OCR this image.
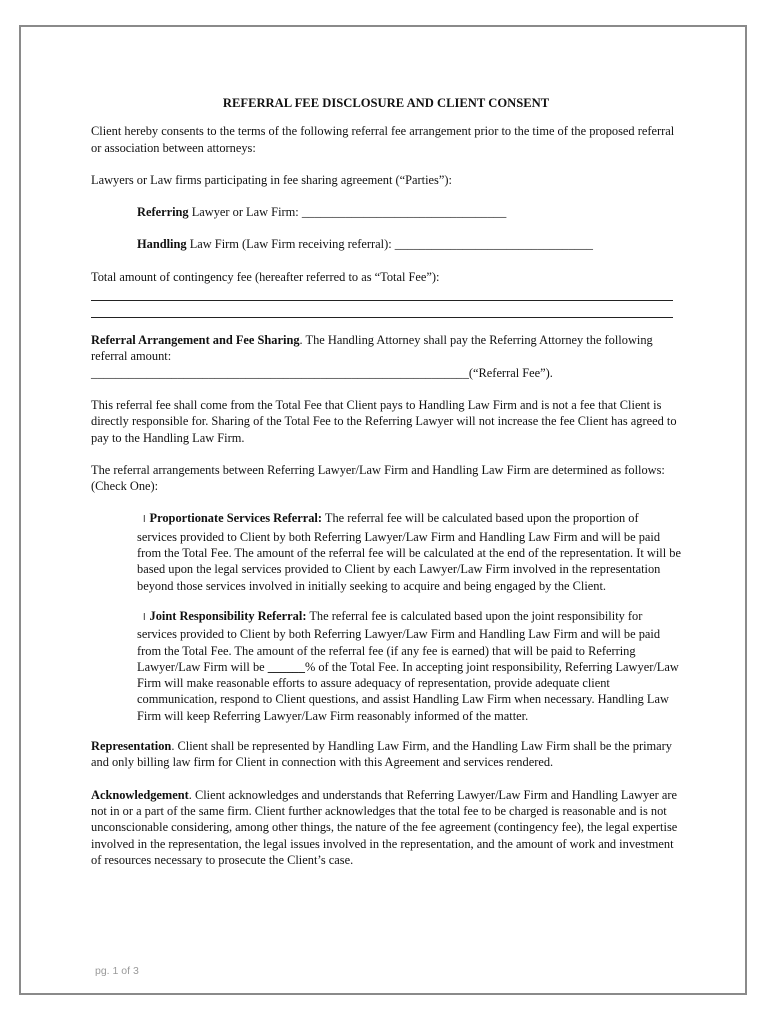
REFERRAL FEE DISCLOSURE AND CLIENT CONSENT

Client hereby consents to the terms of the following referral fee arrangement prior to the time of the proposed referral or association between attorneys:

Lawyers or Law firms participating in fee sharing agreement (“Parties”):

Referring Lawyer or Law Firm: _________________________________

Handling Law Firm (Law Firm receiving referral): ________________________________

Total amount of contingency fee (hereafter referred to as “Total Fee”):

Referral Arrangement and Fee Sharing. The Handling Attorney shall pay the Referring Attorney the following referral amount:
_____________________________________________________________(“Referral Fee”).

This referral fee shall come from the Total Fee that Client pays to Handling Law Firm and is not a fee that Client is directly responsible for. Sharing of the Total Fee to the Referring Lawyer will not increase the fee Client has agreed to pay to the Handling Law Firm.

The referral arrangements between Referring Lawyer/Law Firm and Handling Law Firm are determined as follows: (Check One):

l Proportionate Services Referral: The referral fee will be calculated based upon the proportion of services provided to Client by both Referring Lawyer/Law Firm and Handling Law Firm and will be paid from the Total Fee. The amount of the referral fee will be calculated at the end of the representation. It will be based upon the legal services provided to Client by each Lawyer/Law Firm involved in the representation beyond those services involved in initially seeking to acquire and being engaged by the Client.
l Joint Responsibility Referral: The referral fee is calculated based upon the joint responsibility for services provided to Client by both Referring Lawyer/Law Firm and Handling Law Firm and will be paid from the Total Fee. The amount of the referral fee (if any fee is earned) that will be paid to Referring Lawyer/Law Firm will be ______% of the Total Fee. In accepting joint responsibility, Referring Lawyer/Law Firm will make reasonable efforts to assure adequacy of representation, provide adequate client communication, respond to Client questions, and assist Handling Law Firm when necessary. Handling Law Firm will keep Referring Lawyer/Law Firm reasonably informed of the matter.

Representation. Client shall be represented by Handling Law Firm, and the Handling Law Firm shall be the primary and only billing law firm for Client in connection with this Agreement and services rendered.

Acknowledgement. Client acknowledges and understands that Referring Lawyer/Law Firm and Handling Lawyer are not in or a part of the same firm. Client further acknowledges that the total fee to be charged is reasonable and is not unconscionable considering, among other things, the nature of the fee agreement (contingency fee), the legal expertise involved in the representation, the legal issues involved in the representation, and the amount of work and investment of resources necessary to prosecute the Client’s case.

pg. 1 of 3
